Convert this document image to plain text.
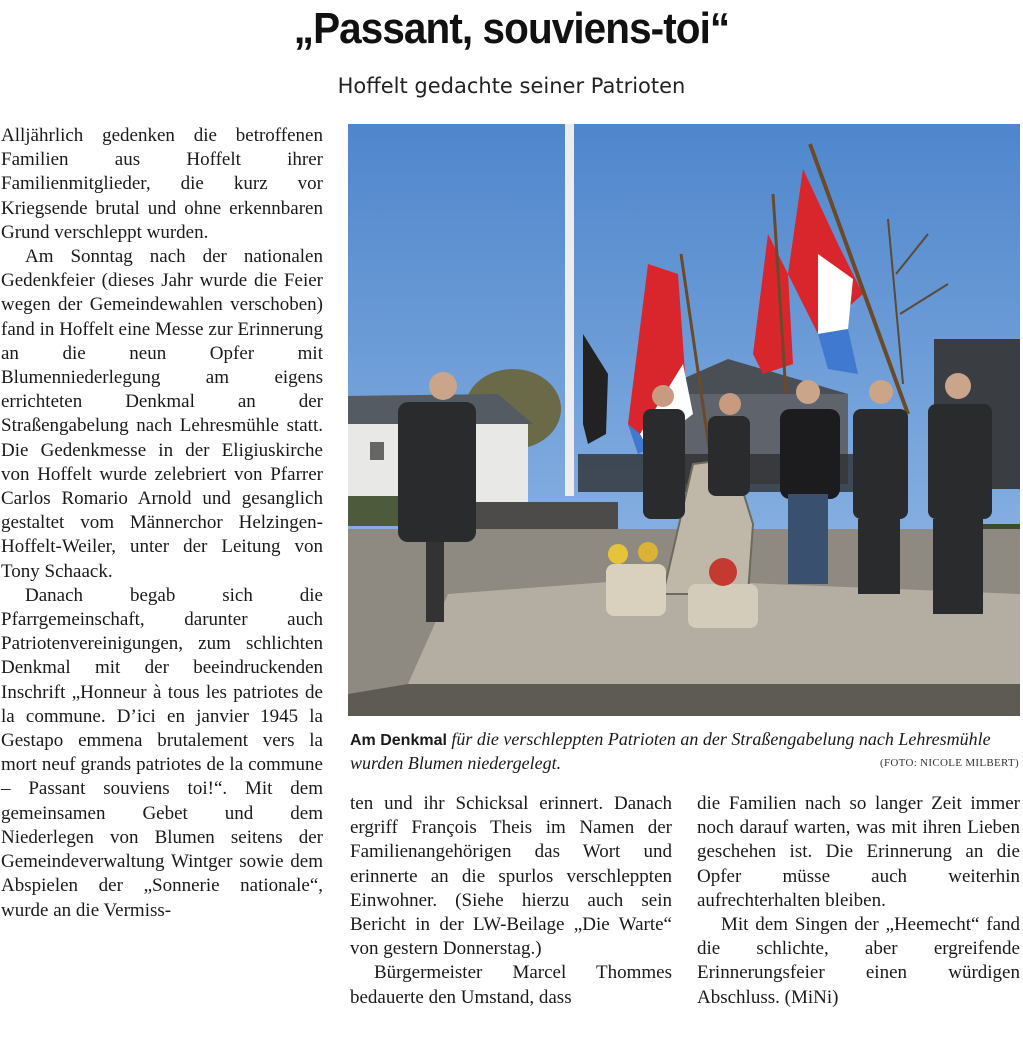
„Passant, souviens-toi“
Hoffelt gedachte seiner Patrioten

Alljährlich gedenken die betroffenen Familien aus Hoffelt ihrer Familienmitglieder, die kurz vor Kriegsende brutal und ohne erkennbaren Grund verschleppt wurden.

Am Sonntag nach der nationalen Gedenkfeier (dieses Jahr wurde die Feier wegen der Gemeindewahlen verschoben) fand in Hoffelt eine Messe zur Erinnerung an die neun Opfer mit Blumenniederlegung am eigens errichteten Denkmal an der Straßengabelung nach Lehresmühle statt. Die Gedenkmesse in der Eligiuskirche von Hoffelt wurde zelebriert von Pfarrer Carlos Romario Arnold und gesanglich gestaltet vom Männerchor Helzingen-Hoffelt-Weiler, unter der Leitung von Tony Schaack.

Danach begab sich die Pfarrgemeinschaft, darunter auch Patriotenvereinigungen, zum schlichten Denkmal mit der beeindruckenden Inschrift „Honneur à tous les patriotes de la commune. D’ici en janvier 1945 la Gestapo emmena brutalement vers la mort neuf grands patriotes de la commune – Passant souviens toi!“. Mit dem gemeinsamen Gebet und dem Niederlegen von Blumen seitens der Gemeindeverwaltung Wintger sowie dem Abspielen der „Sonnerie nationale“, wurde an die Vermiss-

Am Denkmal für die verschleppten Patrioten an der Straßengabelung nach Lehresmühle wurden Blumen niedergelegt.	(FOTO: NICOLE MILBERT)

ten und ihr Schicksal erinnert. Danach ergriff François Theis im Namen der Familienangehörigen das Wort und erinnerte an die spurlos verschleppten Einwohner. (Siehe hierzu auch sein Bericht in der LW-Beilage „Die Warte“ von gestern Donnerstag.)

Bürgermeister Marcel Thommes bedauerte den Umstand, dass

die Familien nach so langer Zeit immer noch darauf warten, was mit ihren Lieben geschehen ist. Die Erinnerung an die Opfer müsse auch weiterhin aufrechterhalten bleiben.

Mit dem Singen der „Heemecht“ fand die schlichte, aber ergreifende Erinnerungsfeier einen würdigen Abschluss. (MiNi)
